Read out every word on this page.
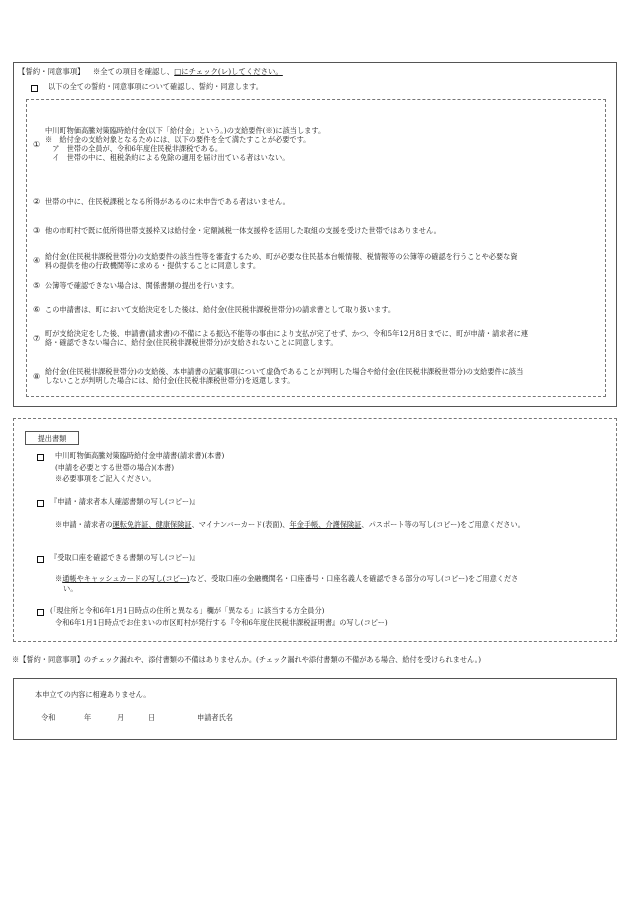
【誓約・同意事項】 ※全ての項目を確認し、□にチェック(レ)してください。
以下の全ての誓約・同意事項について確認し、誓約・同意します。
①
中川町物価高騰対策臨時給付金(以下「給付金」という。)の支給要件(※)に該当します。
※　給付金の支給対象となるためには、以下の要件を全て満たすことが必要です。
　ア　世帯の全員が、令和6年度住民税非課税である。
　イ　世帯の中に、租税条約による免除の適用を届け出ている者はいない。
② 世帯の中に、住民税課税となる所得があるのに未申告である者はいません。
③ 他の市町村で既に低所得世帯支援枠又は給付金・定額減税一体支援枠を活用した取組の支援を受けた世帯ではありません。
④ 給付金(住民税非課税世帯分)の支給要件の該当性等を審査するため、町が必要な住民基本台帳情報、税情報等の公簿等の確認を行うことや必要な資
料の提供を他の行政機関等に求める・提供することに同意します。
⑤ 公簿等で確認できない場合は、関係書類の提出を行います。
⑥ この申請書は、町において支給決定をした後は、給付金(住民税非課税世帯分)の請求書として取り扱います。
⑦
町が支給決定をした後、申請書(請求書)の不備による振込不能等の事由により支払が完了せず、かつ、令和5年12月8日までに、町が申請・請求者に連
絡・確認できない場合に、給付金(住民税非課税世帯分)が支給されないことに同意します。
⑧
給付金(住民税非課税世帯分)の支給後、本申請書の記載事項について虚偽であることが判明した場合や給付金(住民税非課税世帯分)の支給要件に該当
しないことが判明した場合には、給付金(住民税非課税世帯分)を返還します。
提出書類
中川町物価高騰対策臨時給付金申請書(請求書)(本書)
(申請を必要とする世帯の場合)(本書)
※必要事項をご記入ください。
『申請・請求者本人確認書類の写し(コピー)』
※申請・請求者の運転免許証、健康保険証、マイナンバーカード(表面)、年金手帳、介護保険証、パスポート等の写し(コピー)をご用意ください。
『受取口座を確認できる書類の写し(コピー)』
※通帳やキャッシュカードの写し(コピー)など、受取口座の金融機関名・口座番号・口座名義人を確認できる部分の写し(コピー)をご用意くださ
い。
(「現住所と令和6年1月1日時点の住所と異なる」欄が「異なる」に該当する方全員分)
令和6年1月1日時点でお住まいの市区町村が発行する『令和6年度住民税非課税証明書』の写し(コピー)
※【誓約・同意事項】のチェック漏れや、添付書類の不備はありませんか。(チェック漏れや添付書類の不備がある場合、給付を受けられません。)
本申立ての内容に相違ありません。
令和	年	月	日	申請者氏名
